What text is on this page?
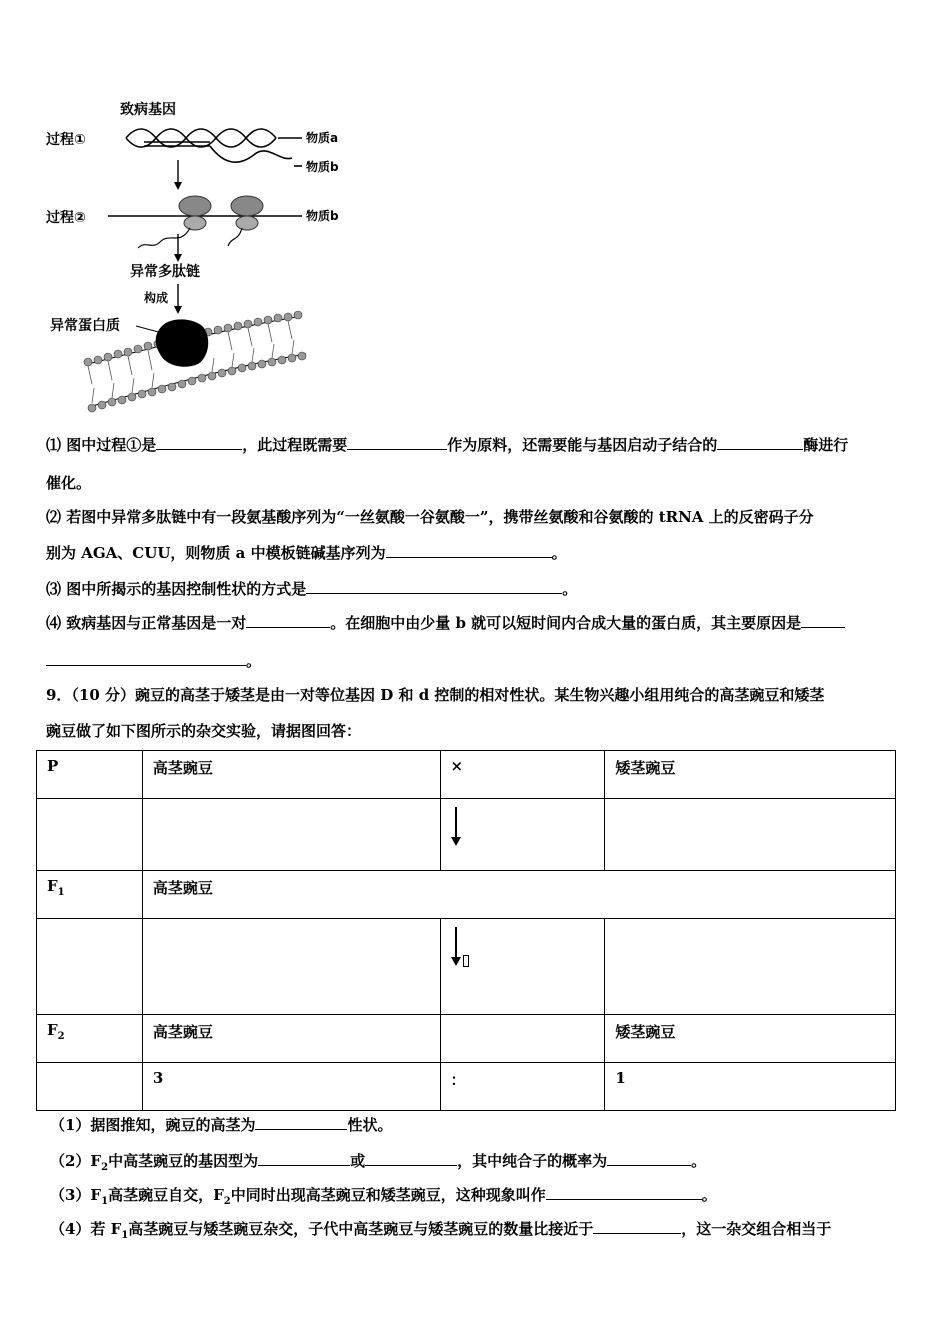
致病基因
过程①
过程②
物质a
物质b
物质b
异常多肽链
构成
异常蛋白质
⑴ 图中过程①是	，此过程既需要	作为原料，还需要能与基因启动子结合的	酶进行
催化。
⑵ 若图中异常多肽链中有一段氨基酸序列为“一丝氨酸一谷氨酸一”，携带丝氨酸和谷氨酸的 tRNA 上的反密码子分
别为 AGA、CUU，则物质 a 中模板链碱基序列为	。
⑶ 图中所揭示的基因控制性状的方式是	。
⑷ 致病基因与正常基因是一对	。在细胞中由少量 b 就可以短时间内合成大量的蛋白质，其主要原因是
。
9．（10 分）豌豆的高茎于矮茎是由一对等位基因 D 和 d 控制的相对性状。某生物兴趣小组用纯合的高茎豌豆和矮茎
豌豆做了如下图所示的杂交实验，请据图回答：
P	高茎豌豆	×	矮茎豌豆

$F_1$	高茎豌豆		

$F_2$	高茎豌豆		矮茎豌豆
	3	：	1
（1）据图推知，豌豆的高茎为	性状。
$(2)F_2$中高茎豌豆的基因型为	或	，其中纯合子的概率为	。
$(3)F_1$高茎豌豆自交，$F_2$中同时出现高茎豌豆和矮茎豌豆，这种现象叫作	。
（4）若 $F_1$高茎豌豆与矮茎豌豆杂交，子代中高茎豌豆与矮茎豌豆的数量比接近于	，这一杂交组合相当于
